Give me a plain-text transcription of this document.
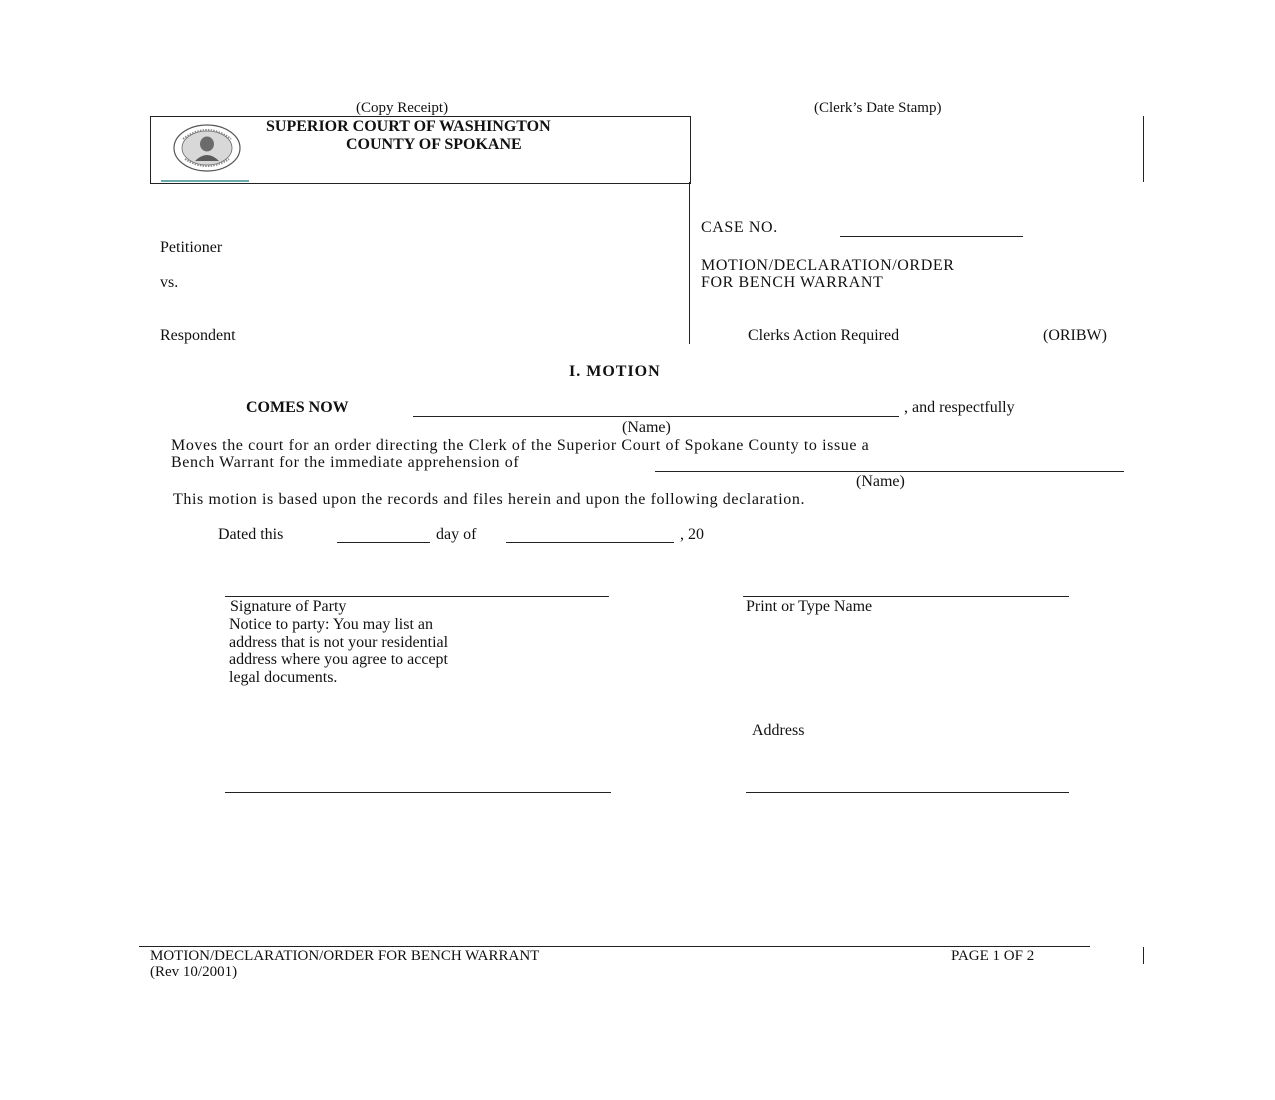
(Copy Receipt)	(Clerk’s Date Stamp)
SUPERIOR COURT OF WASHINGTON
COUNTY OF SPOKANE
Petitioner
vs.
Respondent
CASE NO.
MOTION/DECLARATION/ORDER
FOR BENCH WARRANT
Clerks Action Required	(ORIBW)
I. MOTION
COMES NOW	, and respectfully
(Name)
Moves the court for an order directing the Clerk of the Superior Court of Spokane County to issue a
Bench Warrant for the immediate apprehension of
(Name)
This motion is based upon the records and files herein and upon the following declaration.
Dated this	day of	, 20
Signature of Party	Print or Type Name
Notice to party: You may list an
address that is not your residential
address where you agree to accept
legal documents.
Address
MOTION/DECLARATION/ORDER FOR BENCH WARRANT	PAGE 1 OF 2
(Rev 10/2001)
